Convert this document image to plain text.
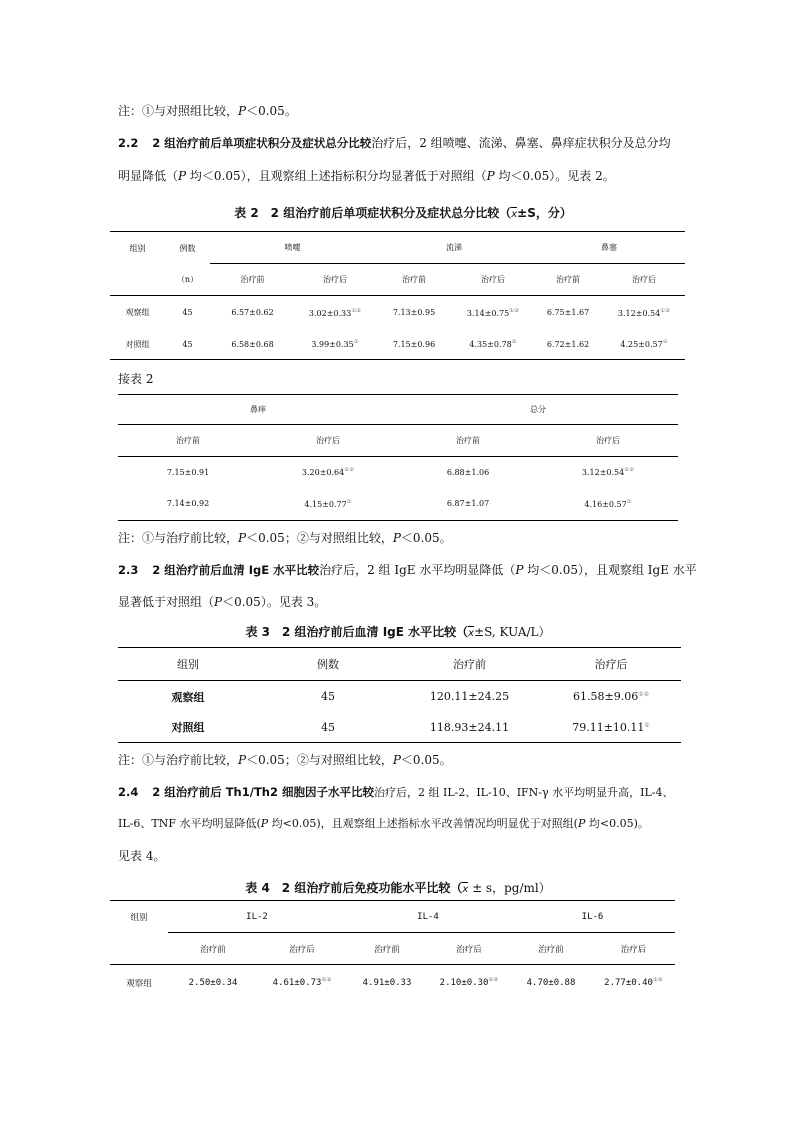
注：①与对照组比较，P＜0.05。
2.2 2 组治疗前后单项症状积分及症状总分比较治疗后，2 组喷嚏、流涕、鼻塞、鼻痒症状积分及总分均
明显降低（P 均＜0.05），且观察组上述指标积分均显著低于对照组（P 均＜0.05）。见表 2。
表 2　2 组治疗前后单项症状积分及症状总分比较（x±S，分）
组别	例数	喷嚏		流涕		鼻塞	
	（n）	治疗前	治疗后	治疗前	治疗后	治疗前	治疗后
观察组	45	6.57±0.62	3.02±0.33①②	7.13±0.95	3.14±0.75①②	6.75±1.67	3.12±0.54①②
对照组	45	6.58±0.68	3.99±0.35①	7.15±0.96	4.35±0.78①	6.72±1.62	4.25±0.57①
接表 2
鼻痒		总分	
治疗前	治疗后	治疗前	治疗后
7.15±0.91	3.20±0.64①②	6.88±1.06	3.12±0.54①②
7.14±0.92	4.15±0.77①	6.87±1.07	4.16±0.57①
注：①与治疗前比较，P＜0.05；②与对照组比较，P＜0.05。
2.3 2 组治疗前后血清 IgE 水平比较治疗后，2 组 IgE 水平均明显降低（P 均＜0.05），且观察组 IgE 水平
显著低于对照组（P＜0.05）。见表 3。
表 3　2 组治疗前后血清 IgE 水平比较（x±S, KUA/L）
组别	例数	治疗前	治疗后
观察组	45	120.11±24.25	61.58±9.06①②
对照组	45	118.93±24.11	79.11±10.11①
注：①与治疗前比较，P＜0.05；②与对照组比较，P＜0.05。
2.4 2 组治疗前后 Th1/Th2 细胞因子水平比较治疗后，2 组 IL-2、IL-10、IFN-γ 水平均明显升高，IL-4、
IL-6、TNF 水平均明显降低(P 均<0.05)，且观察组上述指标水平改善情况均明显优于对照组(P 均<0.05)。
见表 4。
表 4　2 组治疗前后免疫功能水平比较（x ± s，pg/ml）
组别	IL-2		IL-4		IL-6	
	治疗前	治疗后	治疗前	治疗后	治疗前	治疗后
观察组	2.50±0.34	4.61±0.73①②	4.91±0.33	2.10±0.30①②	4.70±0.88	2.77±0.40①②
